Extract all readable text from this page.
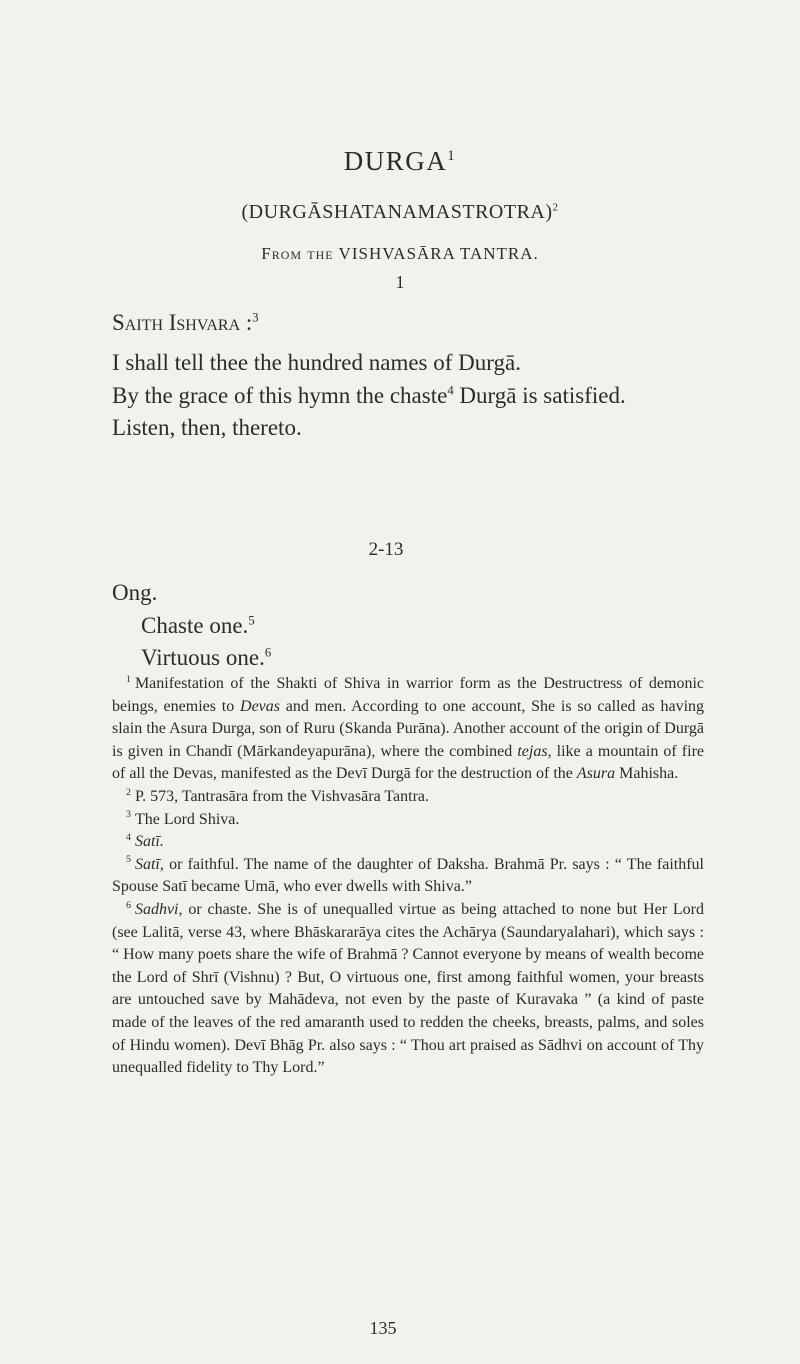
DURGA$^1$
(DURGĀSHATANAMASTROTRA)$^2$
From the VISHVASĀRA TANTRA.
1
Saith Ishvara :$^3$
I shall tell thee the hundred names of Durgā.
By the grace of this hymn the chaste$^4$ Durgā is satisfied.
Listen, then, thereto.
2-13
Ong.
Chaste one.$^5$
Virtuous one.$^6$

$^1$ Manifestation of the Shakti of Shiva in warrior form as the Destructress of demonic beings, enemies to Devas and men. According to one account, She is so called as having slain the Asura Durga, son of Ruru (Skanda Purāna). Another account of the origin of Durgā is given in Chandī (Mārkandeyapurāna), where the combined tejas, like a mountain of fire of all the Devas, manifested as the Devī Durgā for the destruction of the Asura Mahisha.

$^2$ P. 573, Tantrasāra from the Vishvasāra Tantra.

$^3$ The Lord Shiva.

$^4$ Satī.

$^5$ Satī, or faithful. The name of the daughter of Daksha. Brahmā Pr. says : “ The faithful Spouse Satī became Umā, who ever dwells with Shiva.”

$^6$ Sadhvi, or chaste. She is of unequalled virtue as being attached to none but Her Lord (see Lalitā, verse 43, where Bhāskararāya cites the Achārya (Saundaryalahari), which says : “ How many poets share the wife of Brahmā ? Cannot everyone by means of wealth become the Lord of Shrī (Vishnu) ? But, O virtuous one, first among faithful women, your breasts are untouched save by Mahādeva, not even by the paste of Kuravaka ” (a kind of paste made of the leaves of the red amaranth used to redden the cheeks, breasts, palms, and soles of Hindu women). Devī Bhāg Pr. also says : “ Thou art praised as Sādhvi on account of Thy unequalled fidelity to Thy Lord.”

135
